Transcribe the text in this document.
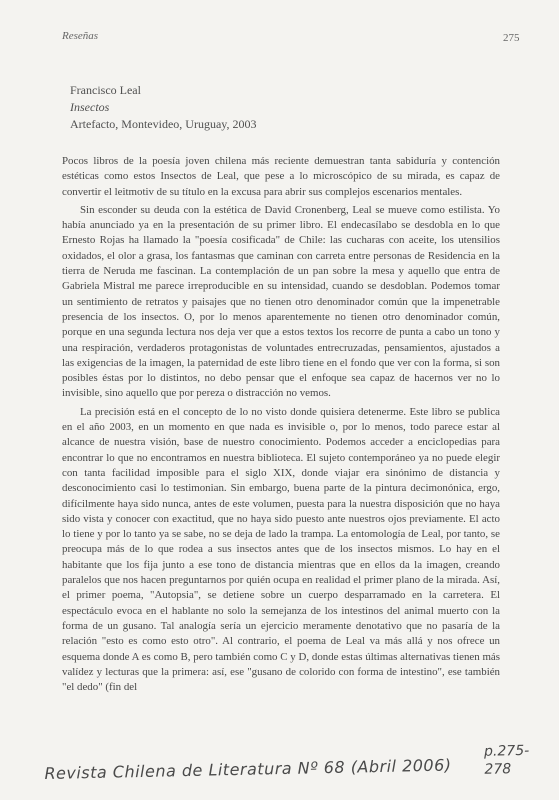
Reseñas	275
Francisco Leal
Insectos
Artefacto, Montevideo, Uruguay, 2003

Pocos libros de la poesía joven chilena más reciente demuestran tanta sabiduría y contención estéticas como estos Insectos de Leal, que pese a lo microscópico de su mirada, es capaz de convertir el leitmotiv de su título en la excusa para abrir sus complejos escenarios mentales.

Sin esconder su deuda con la estética de David Cronenberg, Leal se mueve como estilista. Yo había anunciado ya en la presentación de su primer libro. El endecasílabo se desdobla en lo que Ernesto Rojas ha llamado la "poesía cosificada" de Chile: las cucharas con aceite, los utensilios oxidados, el olor a grasa, los fantasmas que caminan con carreta entre personas de Residencia en la tierra de Neruda me fascinan. La contemplación de un pan sobre la mesa y aquello que entra de Gabriela Mistral me parece irreproducible en su intensidad, cuando se desdoblan. Podemos tomar un sentimiento de retratos y paisajes que no tienen otro denominador común que la impenetrable presencia de los insectos. O, por lo menos aparentemente no tienen otro denominador común, porque en una segunda lectura nos deja ver que a estos textos los recorre de punta a cabo un tono y una respiración, verdaderos protagonistas de voluntades entrecruzadas, pensamientos, ajustados a las exigencias de la imagen, la paternidad de este libro tiene en el fondo que ver con la forma, si son posibles éstas por lo distintos, no debo pensar que el enfoque sea capaz de hacernos ver no lo invisible, sino aquello que por pereza o distracción no vemos.

La precisión está en el concepto de lo no visto donde quisiera detenerme. Este libro se publica en el año 2003, en un momento en que nada es invisible o, por lo menos, todo parece estar al alcance de nuestra visión, base de nuestro conocimiento. Podemos acceder a enciclopedias para encontrar lo que no encontramos en nuestra biblioteca. El sujeto contemporáneo ya no puede elegir con tanta facilidad imposible para el siglo XIX, donde viajar era sinónimo de distancia y desconocimiento casi lo testimonian. Sin embargo, buena parte de la pintura decimonónica, ergo, difícilmente haya sido nunca, antes de este volumen, puesta para la nuestra disposición que no haya sido vista y conocer con exactitud, que no haya sido puesto ante nuestros ojos previamente. El acto lo tiene y por lo tanto ya se sabe, no se deja de lado la trampa. La entomología de Leal, por tanto, se preocupa más de lo que rodea a sus insectos antes que de los insectos mismos. Lo hay en el habitante que los fija junto a ese tono de distancia mientras que en ellos da la imagen, creando paralelos que nos hacen preguntarnos por quién ocupa en realidad el primer plano de la mirada. Así, el primer poema, "Autopsia", se detiene sobre un cuerpo desparramado en la carretera. El espectáculo evoca en el hablante no solo la semejanza de los intestinos del animal muerto con la forma de un gusano. Tal analogía sería un ejercicio meramente denotativo que no pasaría de la relación "esto es como esto otro". Al contrario, el poema de Leal va más allá y nos ofrece un esquema donde A es como B, pero también como C y D, donde estas últimas alternativas tienen más valídez y lecturas que la primera: así, ese "gusano de colorido con forma de intestino", ese también "el dedo" (fin del

Revista Chilena de Literatura Nº 68 (Abril 2006)
p.275-278
